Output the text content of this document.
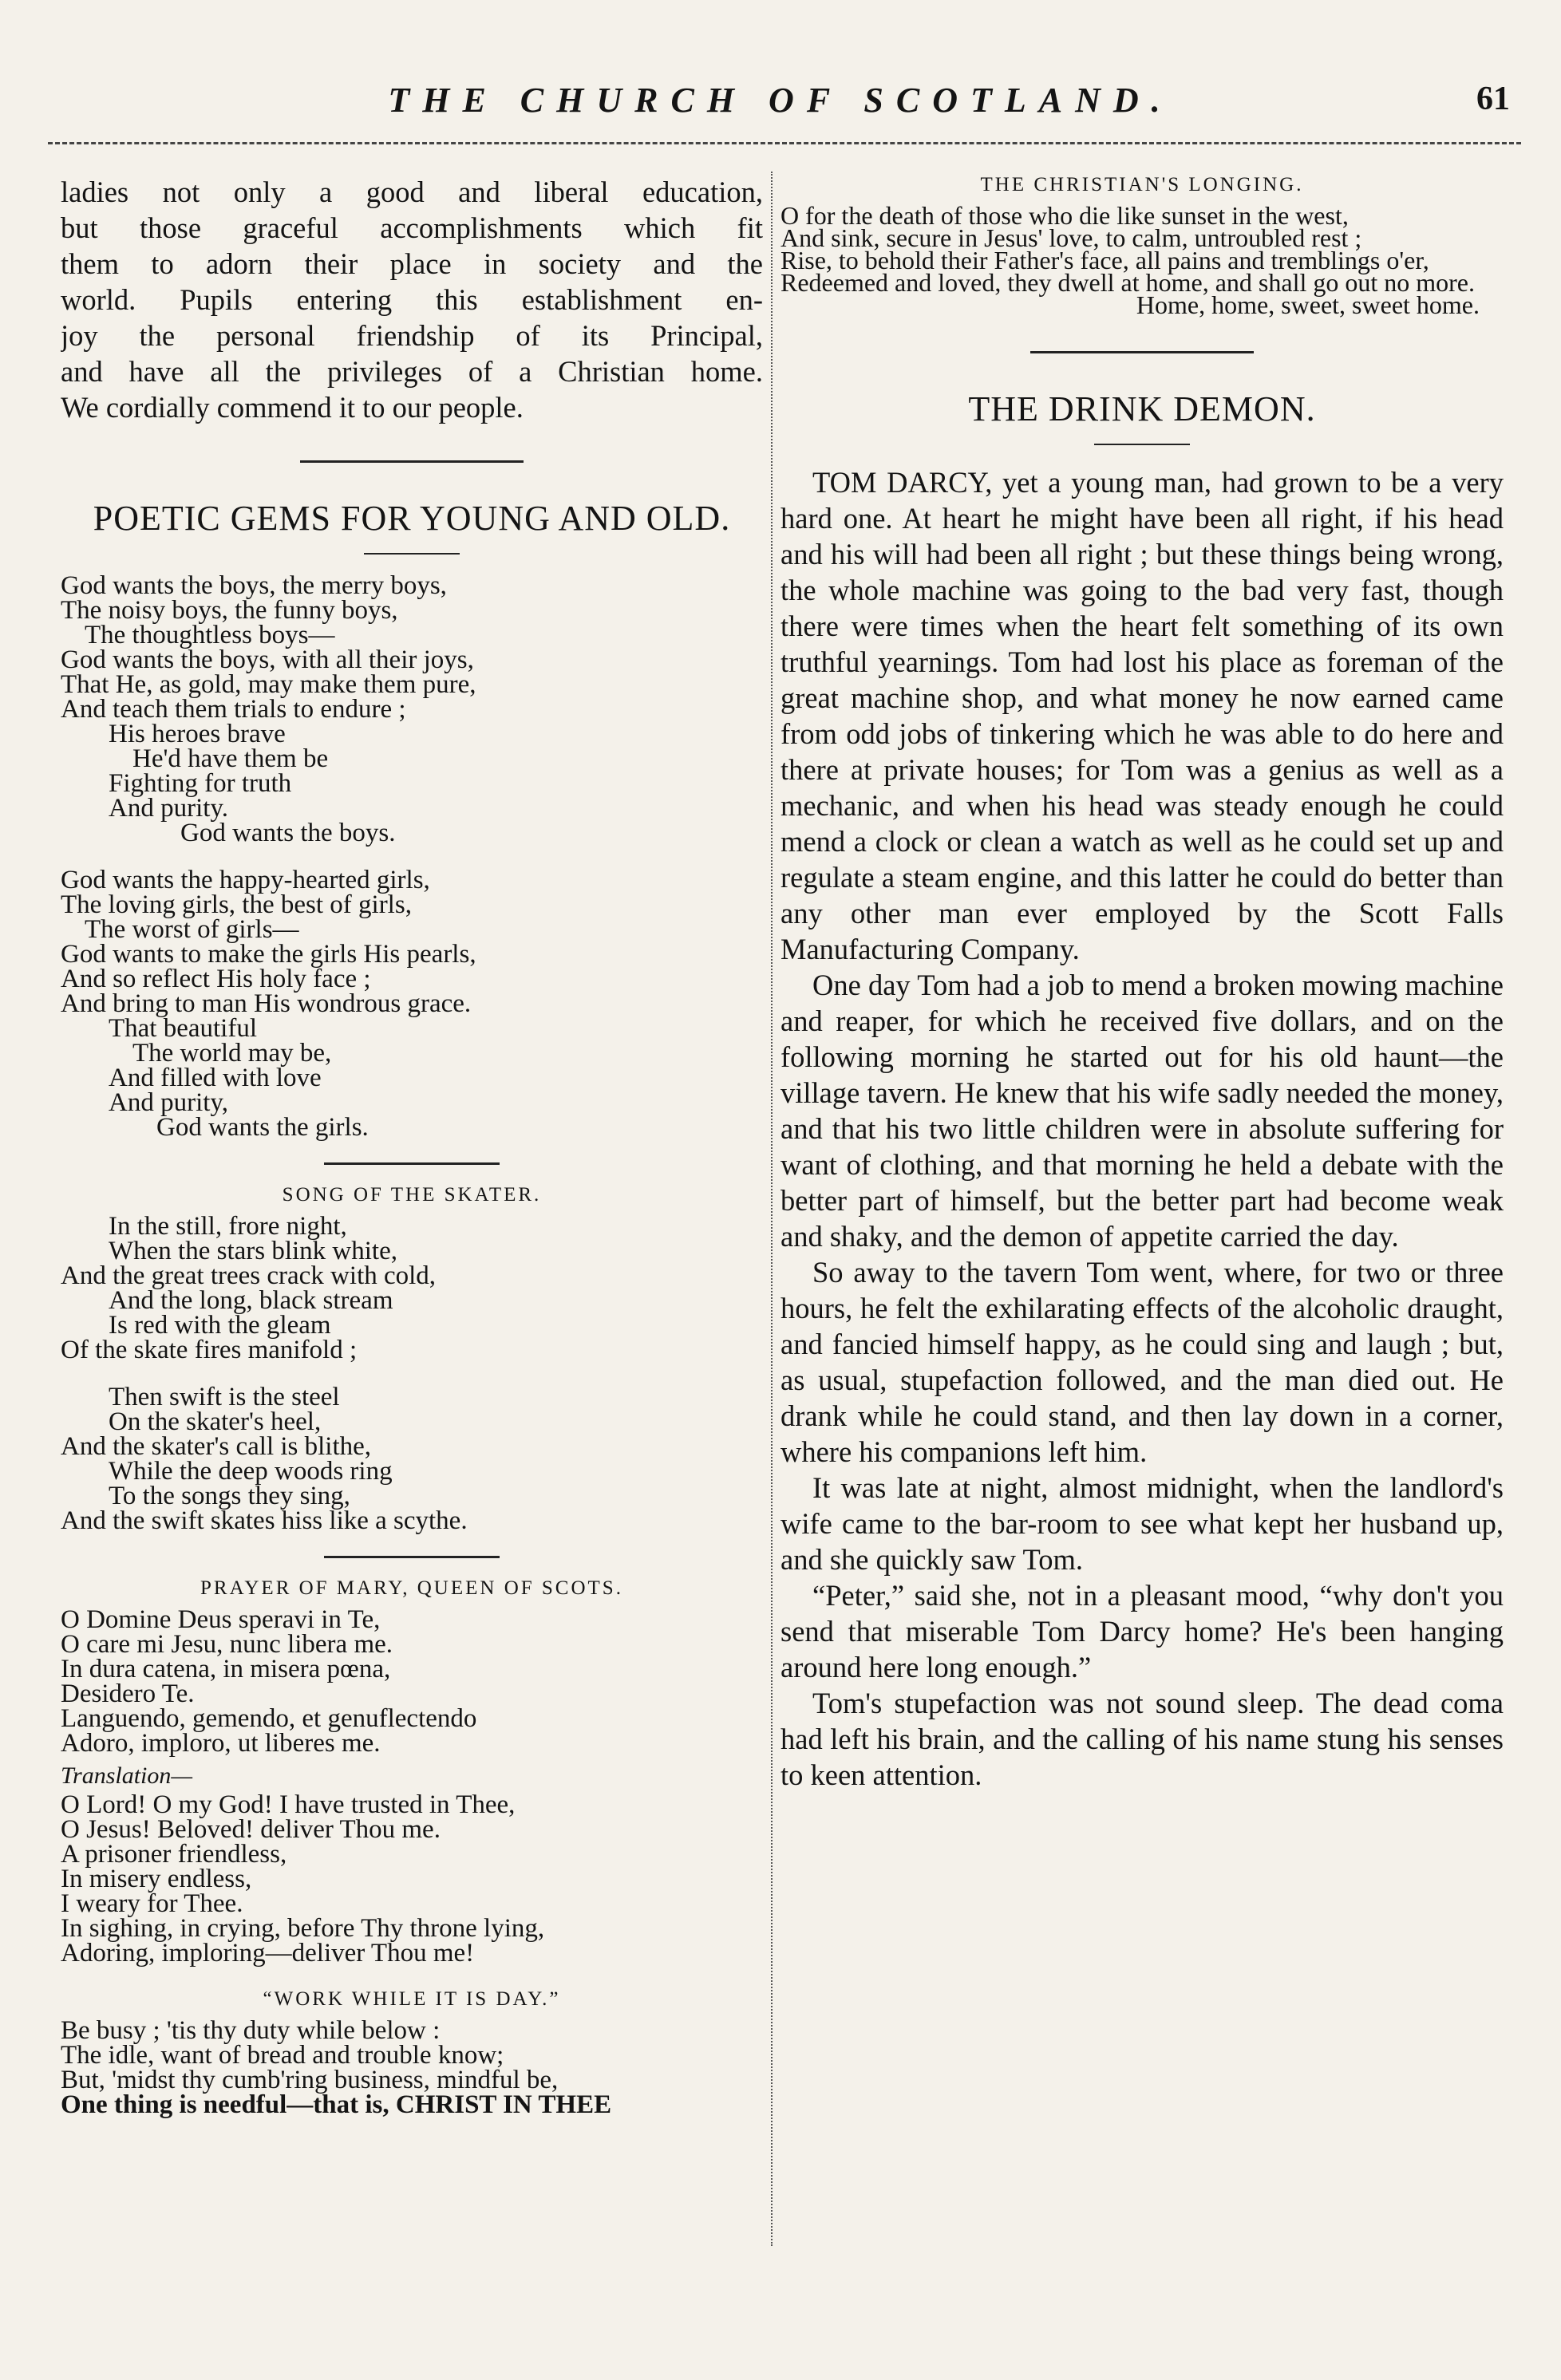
THE CHURCH OF SCOTLAND.	61
ladies not only a good and liberal education,
but those graceful accomplishments which fit
them to adorn their place in society and the
world. Pupils entering this establishment en-
joy the personal friendship of its Principal,
and have all the privileges of a Christian home.
We cordially commend it to our people.
POETIC GEMS FOR YOUNG AND OLD.
God wants the boys, the merry boys,
The noisy boys, the funny boys,
The thoughtless boys—
God wants the boys, with all their joys,
That He, as gold, may make them pure,
And teach them trials to endure ;
His heroes brave
He'd have them be
Fighting for truth
And purity.
God wants the boys.
God wants the happy-hearted girls,
The loving girls, the best of girls,
The worst of girls—
God wants to make the girls His pearls,
And so reflect His holy face ;
And bring to man His wondrous grace.
That beautiful
The world may be,
And filled with love
And purity,
God wants the girls.
SONG OF THE SKATER.
In the still, frore night,
When the stars blink white,
And the great trees crack with cold,
And the long, black stream
Is red with the gleam
Of the skate fires manifold ;
Then swift is the steel
On the skater's heel,
And the skater's call is blithe,
While the deep woods ring
To the songs they sing,
And the swift skates hiss like a scythe.
PRAYER OF MARY, QUEEN OF SCOTS.
O Domine Deus speravi in Te,
O care mi Jesu, nunc libera me.
In dura catena, in misera pœna,
Desidero Te.
Languendo, gemendo, et genuflectendo
Adoro, imploro, ut liberes me.
Translation—
O Lord! O my God! I have trusted in Thee,
O Jesus! Beloved! deliver Thou me.
A prisoner friendless,
In misery endless,
I weary for Thee.
In sighing, in crying, before Thy throne lying,
Adoring, imploring—deliver Thou me!
“WORK WHILE IT IS DAY.”
Be busy ; 'tis thy duty while below :
The idle, want of bread and trouble know;
But, 'midst thy cumb'ring business, mindful be,
One thing is needful—that is, CHRIST IN THEE
THE CHRISTIAN'S LONGING.
O for the death of those who die like sunset in the west,
And sink, secure in Jesus' love, to calm, untroubled rest ;
Rise, to behold their Father's face, all pains and tremblings o'er,
Redeemed and loved, they dwell at home, and shall go out no more.
Home, home, sweet, sweet home.
THE DRINK DEMON.

TOM DARCY, yet a young man, had grown to be a very hard one. At heart he might have been all right, if his head and his will had been all right ; but these things being wrong, the whole machine was going to the bad very fast, though there were times when the heart felt something of its own truthful yearnings. Tom had lost his place as foreman of the great machine shop, and what money he now earned came from odd jobs of tinkering which he was able to do here and there at private houses; for Tom was a genius as well as a mechanic, and when his head was steady enough he could mend a clock or clean a watch as well as he could set up and regulate a steam engine, and this latter he could do better than any other man ever employed by the Scott Falls Manufacturing Company.

One day Tom had a job to mend a broken mowing machine and reaper, for which he received five dollars, and on the following morning he started out for his old haunt—the village tavern. He knew that his wife sadly needed the money, and that his two little children were in absolute suffering for want of clothing, and that morning he held a debate with the better part of himself, but the better part had become weak and shaky, and the demon of appetite carried the day.

So away to the tavern Tom went, where, for two or three hours, he felt the exhilarating effects of the alcoholic draught, and fancied himself happy, as he could sing and laugh ; but, as usual, stupefaction followed, and the man died out. He drank while he could stand, and then lay down in a corner, where his companions left him.

It was late at night, almost midnight, when the landlord's wife came to the bar-room to see what kept her husband up, and she quickly saw Tom.

“Peter,” said she, not in a pleasant mood, “why don't you send that miserable Tom Darcy home? He's been hanging around here long enough.”

Tom's stupefaction was not sound sleep. The dead coma had left his brain, and the calling of his name stung his senses to keen attention.
